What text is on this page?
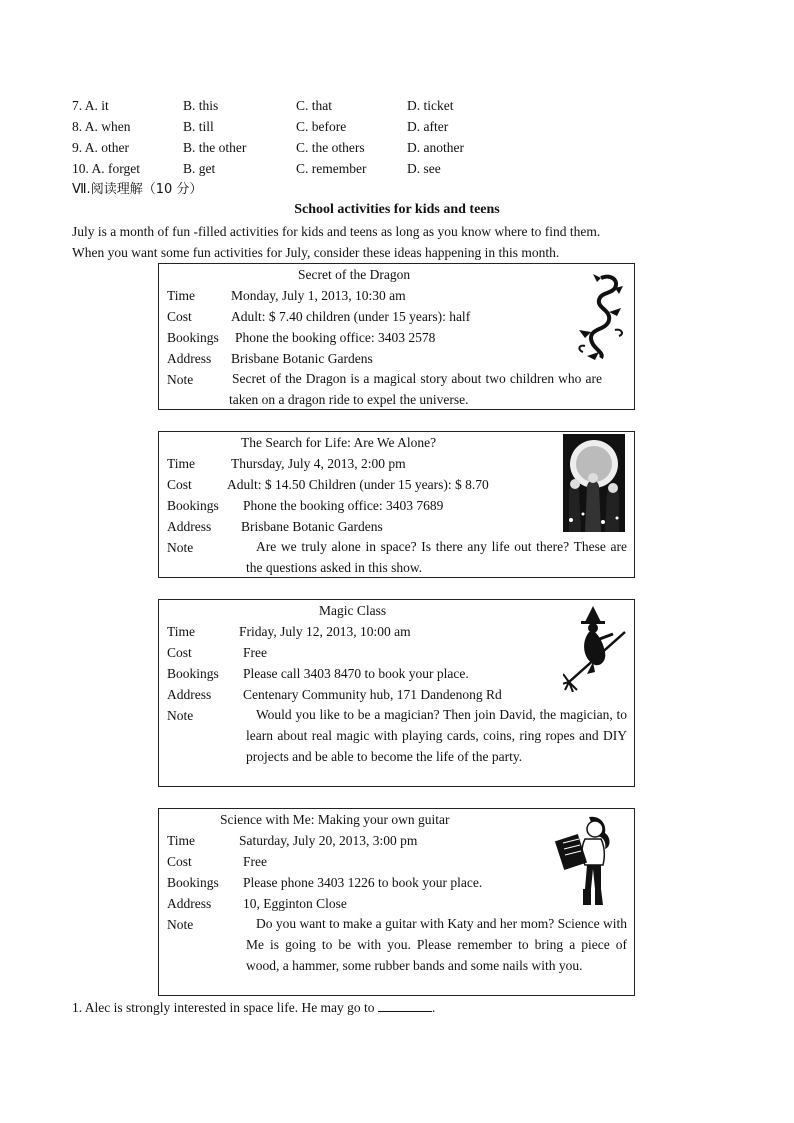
7. A. it	B. this	C. that	D. ticket
8. A. when	B. till	C. before	D. after
9. A. other	B. the other	C. the others	D. another
10. A. forget	B. get	C. remember	D. see
Ⅶ.阅读理解（10 分）
School activities for kids and teens
July is a month of fun -filled activities for kids and teens as long as you know where to find them.
When you want some fun activities for July, consider these ideas happening in this month.
Secret of the Dragon
Time	Monday, July 1, 2013, 10:30 am
Cost	Adult: $ 7.40 children (under 15 years): half
Bookings Phone the booking office: 3403 2578
Address Brisbane Botanic Gardens
Note	Secret of the Dragon is a magical story about two children who are taken on a dragon ride to expel the universe.
The Search for Life: Are We Alone?
Time	Thursday, July 4, 2013, 2:00 pm
Cost	Adult: $ 14.50 Children (under 15 years): $ 8.70
Bookings Phone the booking office: 3403 7689
Address Brisbane Botanic Gardens
Note	Are we truly alone in space? Is there any life out there? These are the questions asked in this show.
Magic Class
Time	Friday, July 12, 2013, 10:00 am
Cost	Free
Bookings Please call 3403 8470 to book your place.
Address Centenary Community hub, 171 Dandenong Rd
Note	Would you like to be a magician? Then join David, the magician, to learn about real magic with playing cards, coins, ring ropes and DIY projects and be able to become the life of the party.
Science with Me: Making your own guitar
Time	Saturday, July 20, 2013, 3:00 pm
Cost	Free
Bookings Please phone 3403 1226 to book your place.
Address 10, Egginton Close
Note	Do you want to make a guitar with Katy and her mom? Science with Me is going to be with you. Please remember to bring a piece of wood, a hammer, some rubber bands and some nails with you.
1. Alec is strongly interested in space life. He may go to	.
